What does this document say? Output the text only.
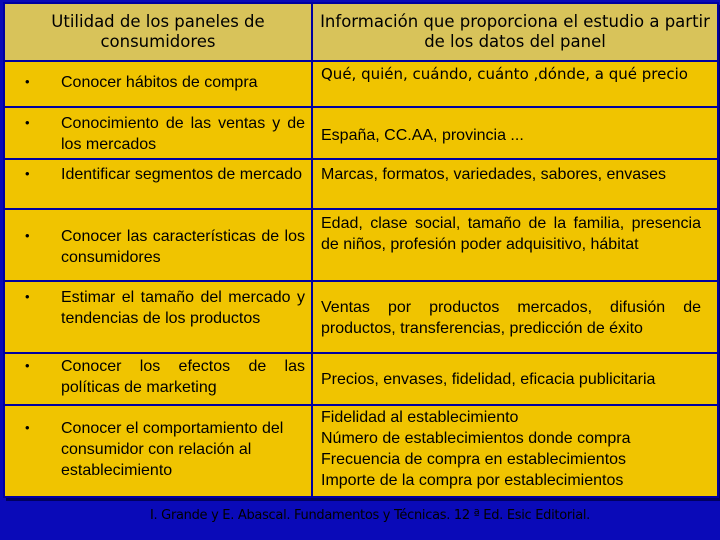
Utilidad de los paneles de consumidores
Información que proporciona el estudio a partir de los datos del panel
• Conocer hábitos de compra	Qué, quién, cuándo, cuánto ,dónde, a qué precio
• Conocimiento de las ventas y de los mercados
España, CC.AA, provincia ...
• Identificar segmentos de mercado Marcas, formatos, variedades, sabores, envases
• Conocer las características de los consumidores
Edad, clase social, tamaño de la familia, presencia de niños, profesión poder adquisitivo, hábitat
• Estimar el tamaño del mercado y tendencias de los productos
Ventas por productos mercados, difusión de productos, transferencias, predicción de éxito
• Conocer los efectos de las políticas de marketing	Precios, envases, fidelidad, eficacia publicitaria
• Conocer el comportamiento del consumidor con relación al establecimiento
Fidelidad al establecimiento
Número de establecimientos donde compra
Frecuencia de compra en establecimientos
Importe de la compra por establecimientos
I. Grande y E. Abascal. Fundamentos y Técnicas. 12 ª Ed. Esic Editorial.
